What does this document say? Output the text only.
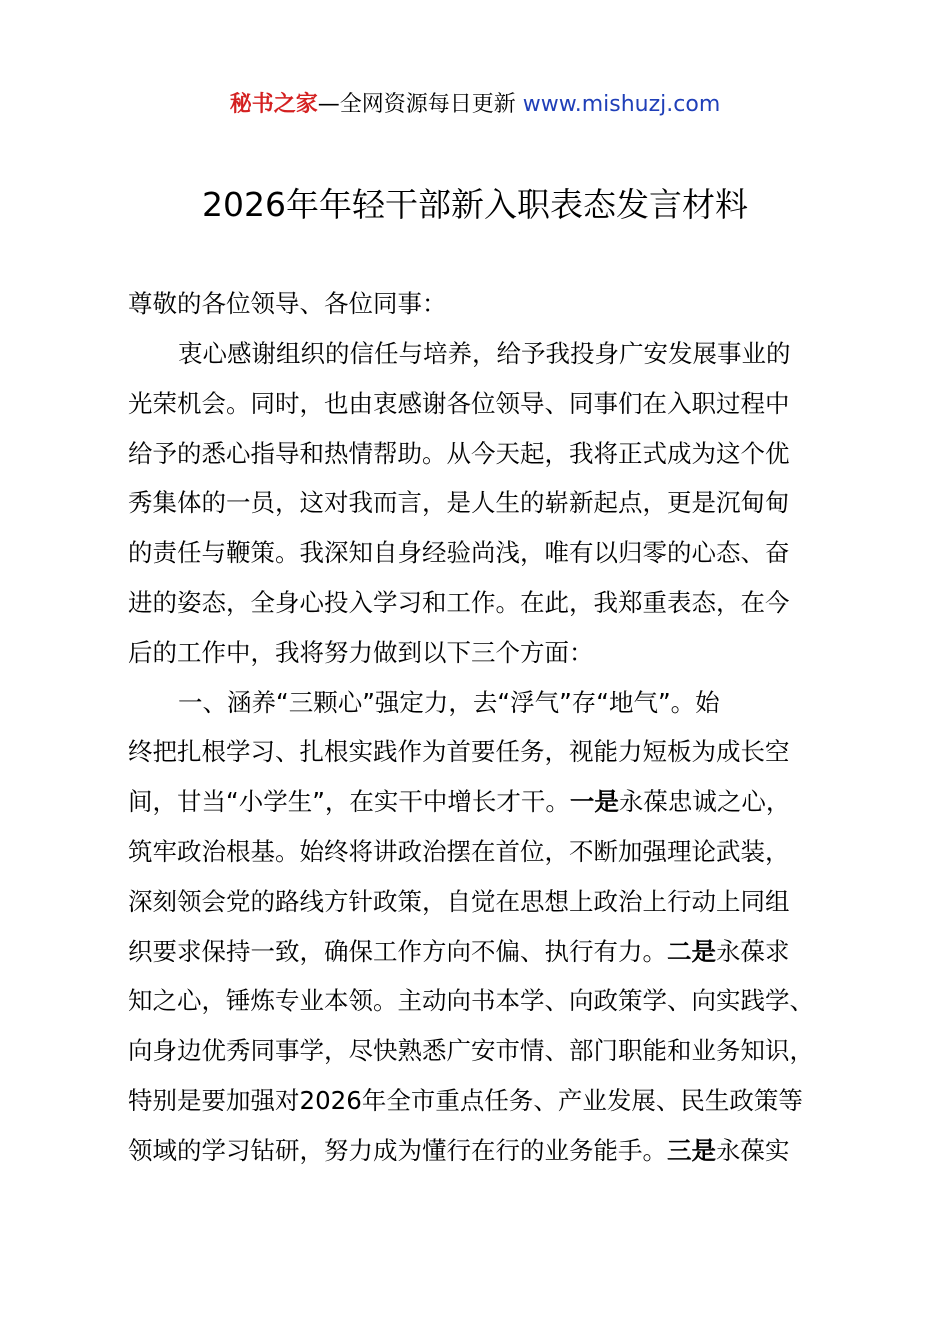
秘书之家—全网资源每日更新 www.mishuzj.com
2026年年轻干部新入职表态发言材料
尊敬的各位领导、各位同事：
衷心感谢组织的信任与培养，给予我投身广安发展事业的
光荣机会。同时，也由衷感谢各位领导、同事们在入职过程中
给予的悉心指导和热情帮助。从今天起，我将正式成为这个优
秀集体的一员，这对我而言，是人生的崭新起点，更是沉甸甸
的责任与鞭策。我深知自身经验尚浅，唯有以归零的心态、奋
进的姿态，全身心投入学习和工作。在此，我郑重表态，在今
后的工作中，我将努力做到以下三个方面：
一、涵养“三颗心”强定力，去“浮气”存“地气”。始
终把扎根学习、扎根实践作为首要任务，视能力短板为成长空
间，甘当“小学生”，在实干中增长才干。一是永葆忠诚之心，
筑牢政治根基。始终将讲政治摆在首位，不断加强理论武装，
深刻领会党的路线方针政策，自觉在思想上政治上行动上同组
织要求保持一致，确保工作方向不偏、执行有力。二是永葆求
知之心，锤炼专业本领。主动向书本学、向政策学、向实践学、
向身边优秀同事学，尽快熟悉广安市情、部门职能和业务知识，
特别是要加强对2026年全市重点任务、产业发展、民生政策等
领域的学习钻研，努力成为懂行在行的业务能手。三是永葆实
